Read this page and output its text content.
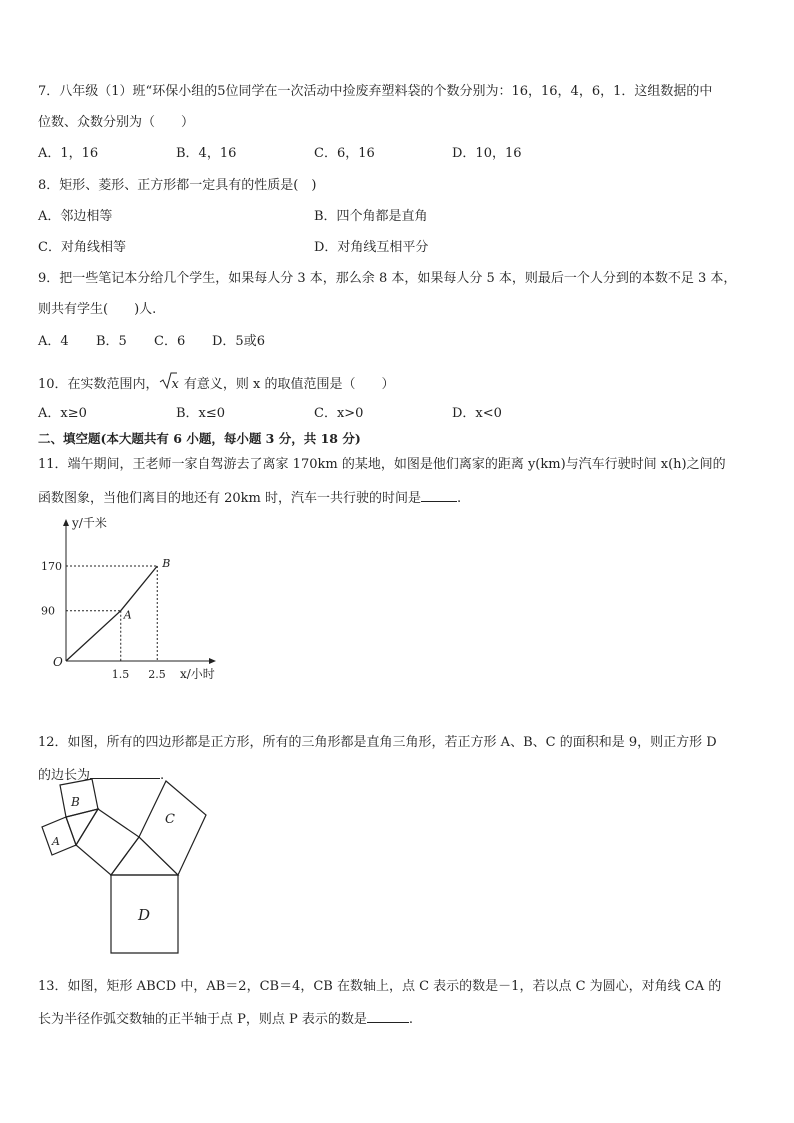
7．八年级（1）班“环保小组的5位同学在一次活动中捡废弃塑料袋的个数分别为：16，16，4，6，1．这组数据的中
位数、众数分别为（　　）
A．1，16	B．4，16	C．6，16	D．10，16
8．矩形、菱形、正方形都一定具有的性质是(　)
A．邻边相等	B．四个角都是直角
C．对角线相等	D．对角线互相平分
9．把一些笔记本分给几个学生，如果每人分 3 本，那么余 8 本，如果每人分 5 本，则最后一个人分到的本数不足 3 本，
则共有学生(　　)人.
A．4 B．5 C．6 D．5或6
10．在实数范围内， x 有意义，则 x 的取值范围是（　　）
A．x≥0	B．x≤0	C．x>0	D．x<0
二、填空题(本大题共有 6 小题，每小题 3 分，共 18 分)
11．端午期间，王老师一家自驾游去了离家 170km 的某地，如图是他们离家的距离 y(km)与汽车行驶时间 x(h)之间的
函数图象，当他们离目的地还有 20km 时，汽车一共行驶的时间是	.
O
y/千米
x/小时
90
170
1.5 2.5
A
B
12．如图，所有的四边形都是正方形，所有的三角形都是直角三角形，若正方形 A、B、C 的面积和是 9，则正方形 D
的边长为	.
D
C
B
A
13．如图，矩形 ABCD 中，AB＝2，CB＝4，CB 在数轴上，点 C 表示的数是－1，若以点 C 为圆心，对角线 CA 的
长为半径作弧交数轴的正半轴于点 P，则点 P 表示的数是	.
